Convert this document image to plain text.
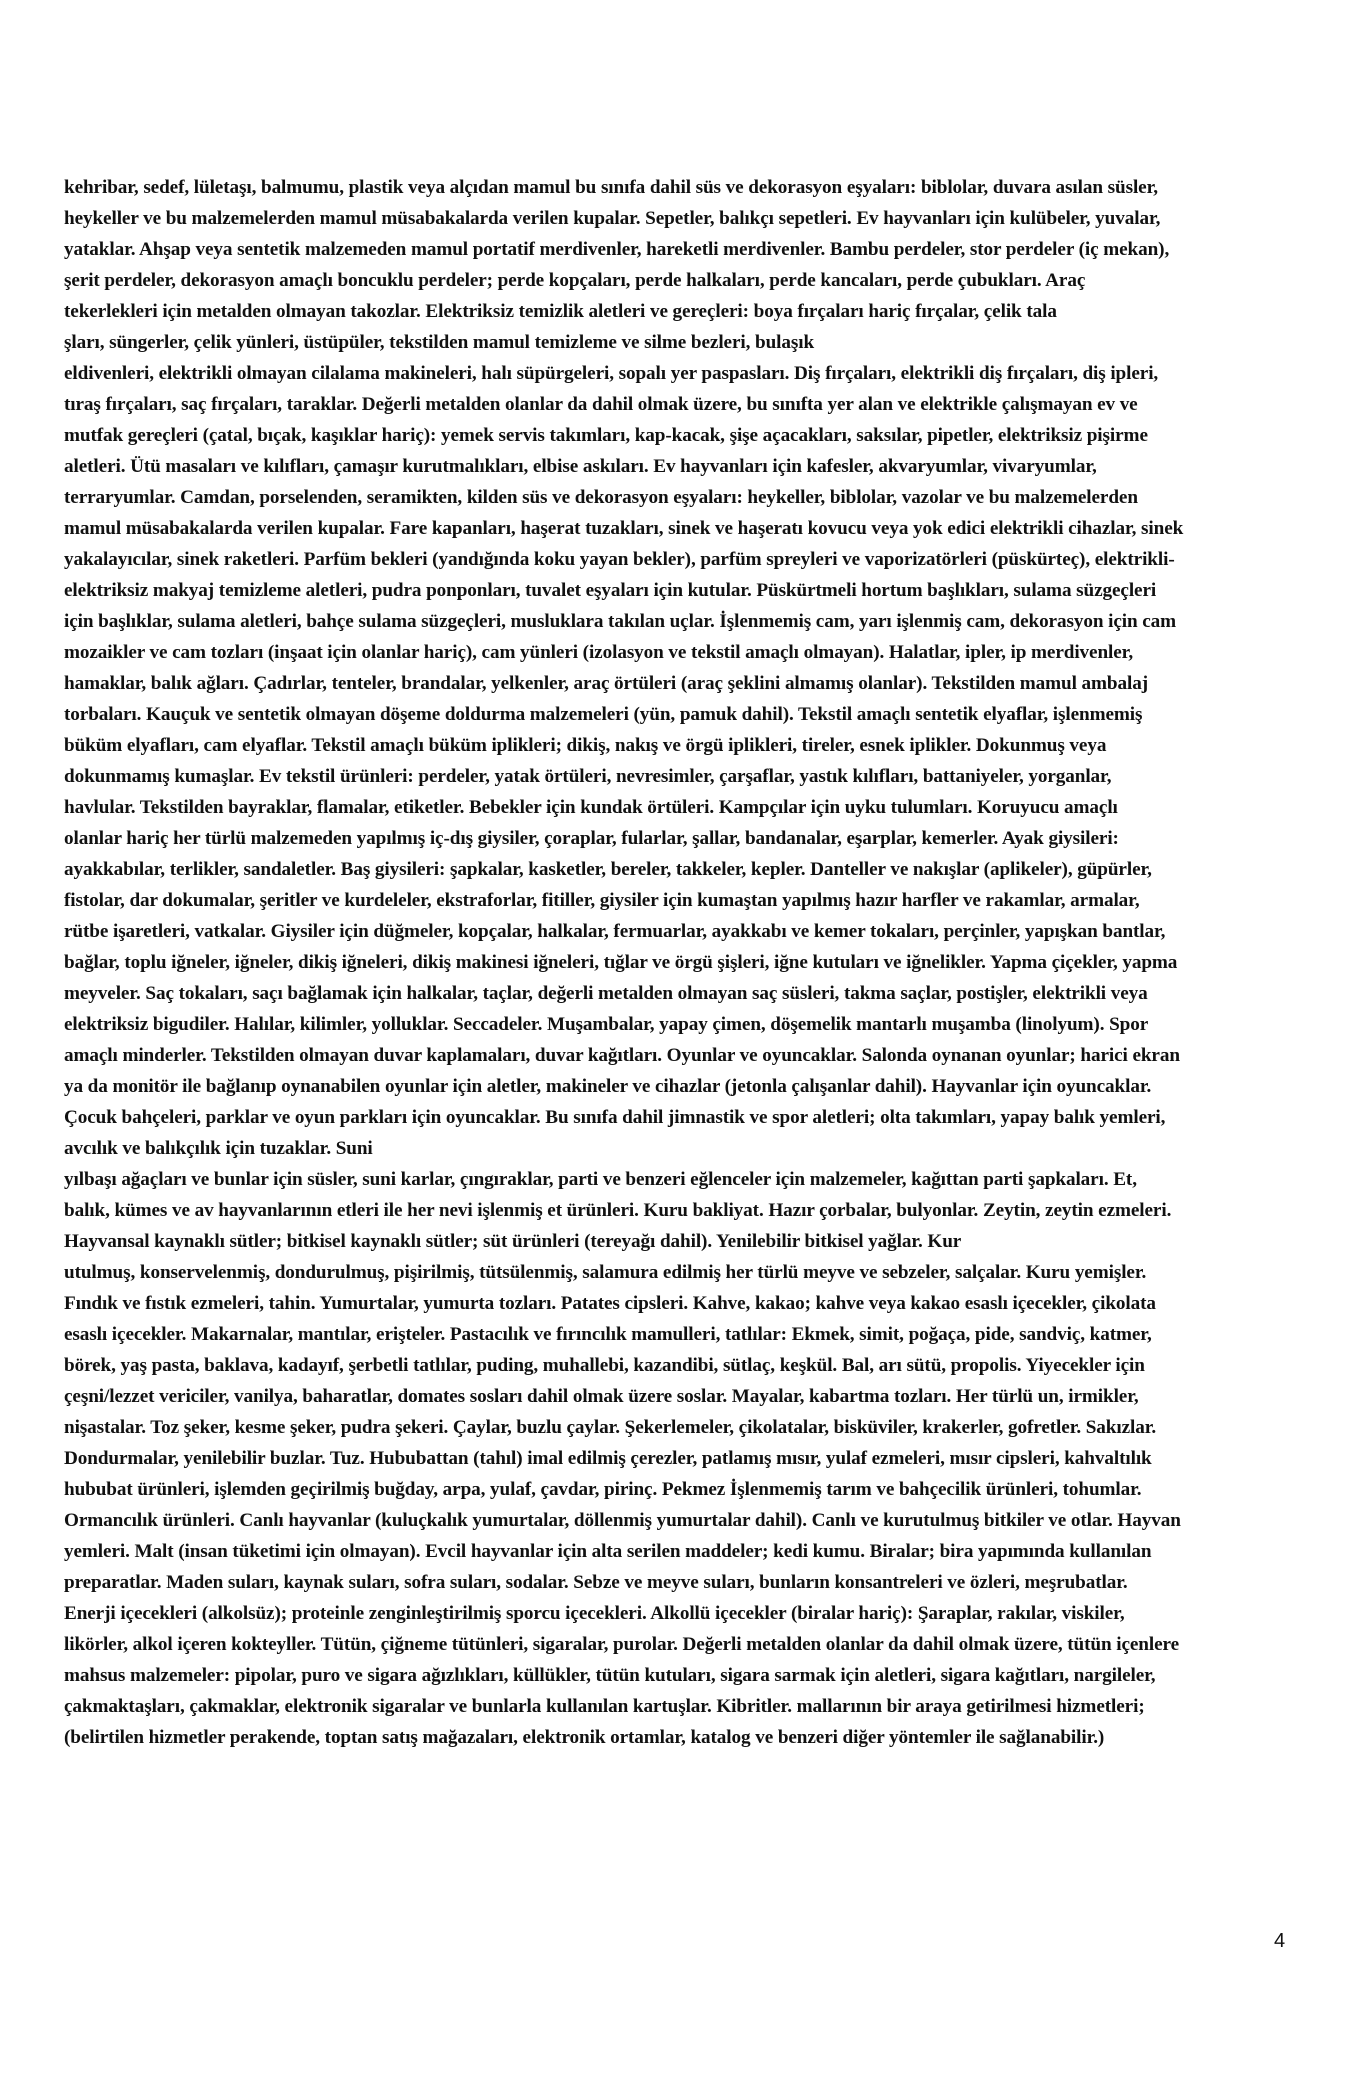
kehribar, sedef, lületaşı, balmumu, plastik veya alçıdan mamul bu sınıfa dahil süs ve dekorasyon eşyaları: biblolar, duvara asılan süsler,
heykeller ve bu malzemelerden mamul müsabakalarda verilen kupalar. Sepetler, balıkçı sepetleri. Ev hayvanları için kulübeler, yuvalar,
yataklar. Ahşap veya sentetik malzemeden mamul portatif merdivenler, hareketli merdivenler. Bambu perdeler, stor perdeler (iç mekan),
şerit perdeler, dekorasyon amaçlı boncuklu perdeler; perde kopçaları, perde halkaları, perde kancaları, perde çubukları. Araç
tekerlekleri için metalden olmayan takozlar. Elektriksiz temizlik aletleri ve gereçleri: boya fırçaları hariç fırçalar, çelik tala
şları, süngerler, çelik yünleri, üstüpüler, tekstilden mamul temizleme ve silme bezleri, bulaşık
eldivenleri, elektrikli olmayan cilalama makineleri, halı süpürgeleri, sopalı yer paspasları. Diş fırçaları, elektrikli diş fırçaları, diş ipleri,
tıraş fırçaları, saç fırçaları, taraklar. Değerli metalden olanlar da dahil olmak üzere, bu sınıfta yer alan ve elektrikle çalışmayan ev ve
mutfak gereçleri (çatal, bıçak, kaşıklar hariç): yemek servis takımları, kap-kacak, şişe açacakları, saksılar, pipetler, elektriksiz pişirme
aletleri. Ütü masaları ve kılıfları, çamaşır kurutmalıkları, elbise askıları. Ev hayvanları için kafesler, akvaryumlar, vivaryumlar,
terraryumlar. Camdan, porselenden, seramikten, kilden süs ve dekorasyon eşyaları: heykeller, biblolar, vazolar ve bu malzemelerden
mamul müsabakalarda verilen kupalar. Fare kapanları, haşerat tuzakları, sinek ve haşeratı kovucu veya yok edici elektrikli cihazlar, sinek
yakalayıcılar, sinek raketleri. Parfüm bekleri (yandığında koku yayan bekler), parfüm spreyleri ve vaporizatörleri (püskürteç), elektrikli-
elektriksiz makyaj temizleme aletleri, pudra ponponları, tuvalet eşyaları için kutular. Püskürtmeli hortum başlıkları, sulama süzgeçleri
için başlıklar, sulama aletleri, bahçe sulama süzgeçleri, musluklara takılan uçlar. İşlenmemiş cam, yarı işlenmiş cam, dekorasyon için cam
mozaikler ve cam tozları (inşaat için olanlar hariç), cam yünleri (izolasyon ve tekstil amaçlı olmayan). Halatlar, ipler, ip merdivenler,
hamaklar, balık ağları. Çadırlar, tenteler, brandalar, yelkenler, araç örtüleri (araç şeklini almamış olanlar). Tekstilden mamul ambalaj
torbaları. Kauçuk ve sentetik olmayan döşeme doldurma malzemeleri (yün, pamuk dahil). Tekstil amaçlı sentetik elyaflar, işlenmemiş
büküm elyafları, cam elyaflar. Tekstil amaçlı büküm iplikleri; dikiş, nakış ve örgü iplikleri, tireler, esnek iplikler. Dokunmuş veya
dokunmamış kumaşlar. Ev tekstil ürünleri: perdeler, yatak örtüleri, nevresimler, çarşaflar, yastık kılıfları, battaniyeler, yorganlar,
havlular. Tekstilden bayraklar, flamalar, etiketler. Bebekler için kundak örtüleri. Kampçılar için uyku tulumları. Koruyucu amaçlı
olanlar hariç her türlü malzemeden yapılmış iç-dış giysiler, çoraplar, fularlar, şallar, bandanalar, eşarplar, kemerler. Ayak giysileri:
ayakkabılar, terlikler, sandaletler. Baş giysileri: şapkalar, kasketler, bereler, takkeler, kepler. Danteller ve nakışlar (aplikeler), güpürler,
fistolar, dar dokumalar, şeritler ve kurdeleler, ekstraforlar, fitiller, giysiler için kumaştan yapılmış hazır harfler ve rakamlar, armalar,
rütbe işaretleri, vatkalar. Giysiler için düğmeler, kopçalar, halkalar, fermuarlar, ayakkabı ve kemer tokaları, perçinler, yapışkan bantlar,
bağlar, toplu iğneler, iğneler, dikiş iğneleri, dikiş makinesi iğneleri, tığlar ve örgü şişleri, iğne kutuları ve iğnelikler. Yapma çiçekler, yapma
meyveler. Saç tokaları, saçı bağlamak için halkalar, taçlar, değerli metalden olmayan saç süsleri, takma saçlar, postişler, elektrikli veya
elektriksiz bigudiler. Halılar, kilimler, yolluklar. Seccadeler. Muşambalar, yapay çimen, döşemelik mantarlı muşamba (linolyum). Spor
amaçlı minderler. Tekstilden olmayan duvar kaplamaları, duvar kağıtları. Oyunlar ve oyuncaklar. Salonda oynanan oyunlar; harici ekran
ya da monitör ile bağlanıp oynanabilen oyunlar için aletler, makineler ve cihazlar (jetonla çalışanlar dahil). Hayvanlar için oyuncaklar.
Çocuk bahçeleri, parklar ve oyun parkları için oyuncaklar. Bu sınıfa dahil jimnastik ve spor aletleri; olta takımları, yapay balık yemleri,
avcılık ve balıkçılık için tuzaklar. Suni
yılbaşı ağaçları ve bunlar için süsler, suni karlar, çıngıraklar, parti ve benzeri eğlenceler için malzemeler, kağıttan parti şapkaları. Et,
balık, kümes ve av hayvanlarının etleri ile her nevi işlenmiş et ürünleri. Kuru bakliyat. Hazır çorbalar, bulyonlar. Zeytin, zeytin ezmeleri.
Hayvansal kaynaklı sütler; bitkisel kaynaklı sütler; süt ürünleri (tereyağı dahil). Yenilebilir bitkisel yağlar. Kur
utulmuş, konservelenmiş, dondurulmuş, pişirilmiş, tütsülenmiş, salamura edilmiş her türlü meyve ve sebzeler, salçalar. Kuru yemişler.
Fındık ve fıstık ezmeleri, tahin. Yumurtalar, yumurta tozları. Patates cipsleri. Kahve, kakao; kahve veya kakao esaslı içecekler, çikolata
esaslı içecekler. Makarnalar, mantılar, erişteler. Pastacılık ve fırıncılık mamulleri, tatlılar: Ekmek, simit, poğaça, pide, sandviç, katmer,
börek, yaş pasta, baklava, kadayıf, şerbetli tatlılar, puding, muhallebi, kazandibi, sütlaç, keşkül. Bal, arı sütü, propolis. Yiyecekler için
çeşni/lezzet vericiler, vanilya, baharatlar, domates sosları dahil olmak üzere soslar. Mayalar, kabartma tozları. Her türlü un, irmikler,
nişastalar. Toz şeker, kesme şeker, pudra şekeri. Çaylar, buzlu çaylar. Şekerlemeler, çikolatalar, bisküviler, krakerler, gofretler. Sakızlar.
Dondurmalar, yenilebilir buzlar. Tuz. Hububattan (tahıl) imal edilmiş çerezler, patlamış mısır, yulaf ezmeleri, mısır cipsleri, kahvaltılık
hububat ürünleri, işlemden geçirilmiş buğday, arpa, yulaf, çavdar, pirinç. Pekmez İşlenmemiş tarım ve bahçecilik ürünleri, tohumlar.
Ormancılık ürünleri. Canlı hayvanlar (kuluçkalık yumurtalar, döllenmiş yumurtalar dahil). Canlı ve kurutulmuş bitkiler ve otlar. Hayvan
yemleri. Malt (insan tüketimi için olmayan). Evcil hayvanlar için alta serilen maddeler; kedi kumu. Biralar; bira yapımında kullanılan
preparatlar. Maden suları, kaynak suları, sofra suları, sodalar. Sebze ve meyve suları, bunların konsantreleri ve özleri, meşrubatlar.
Enerji içecekleri (alkolsüz); proteinle zenginleştirilmiş sporcu içecekleri. Alkollü içecekler (biralar hariç): Şaraplar, rakılar, viskiler,
likörler, alkol içeren kokteyller. Tütün, çiğneme tütünleri, sigaralar, purolar. Değerli metalden olanlar da dahil olmak üzere, tütün içenlere
mahsus malzemeler: pipolar, puro ve sigara ağızlıkları, küllükler, tütün kutuları, sigara sarmak için aletleri, sigara kağıtları, nargileler,
çakmaktaşları, çakmaklar, elektronik sigaralar ve bunlarla kullanılan kartuşlar. Kibritler. mallarının bir araya getirilmesi hizmetleri;
(belirtilen hizmetler perakende, toptan satış mağazaları, elektronik ortamlar, katalog ve benzeri diğer yöntemler ile sağlanabilir.)
4
